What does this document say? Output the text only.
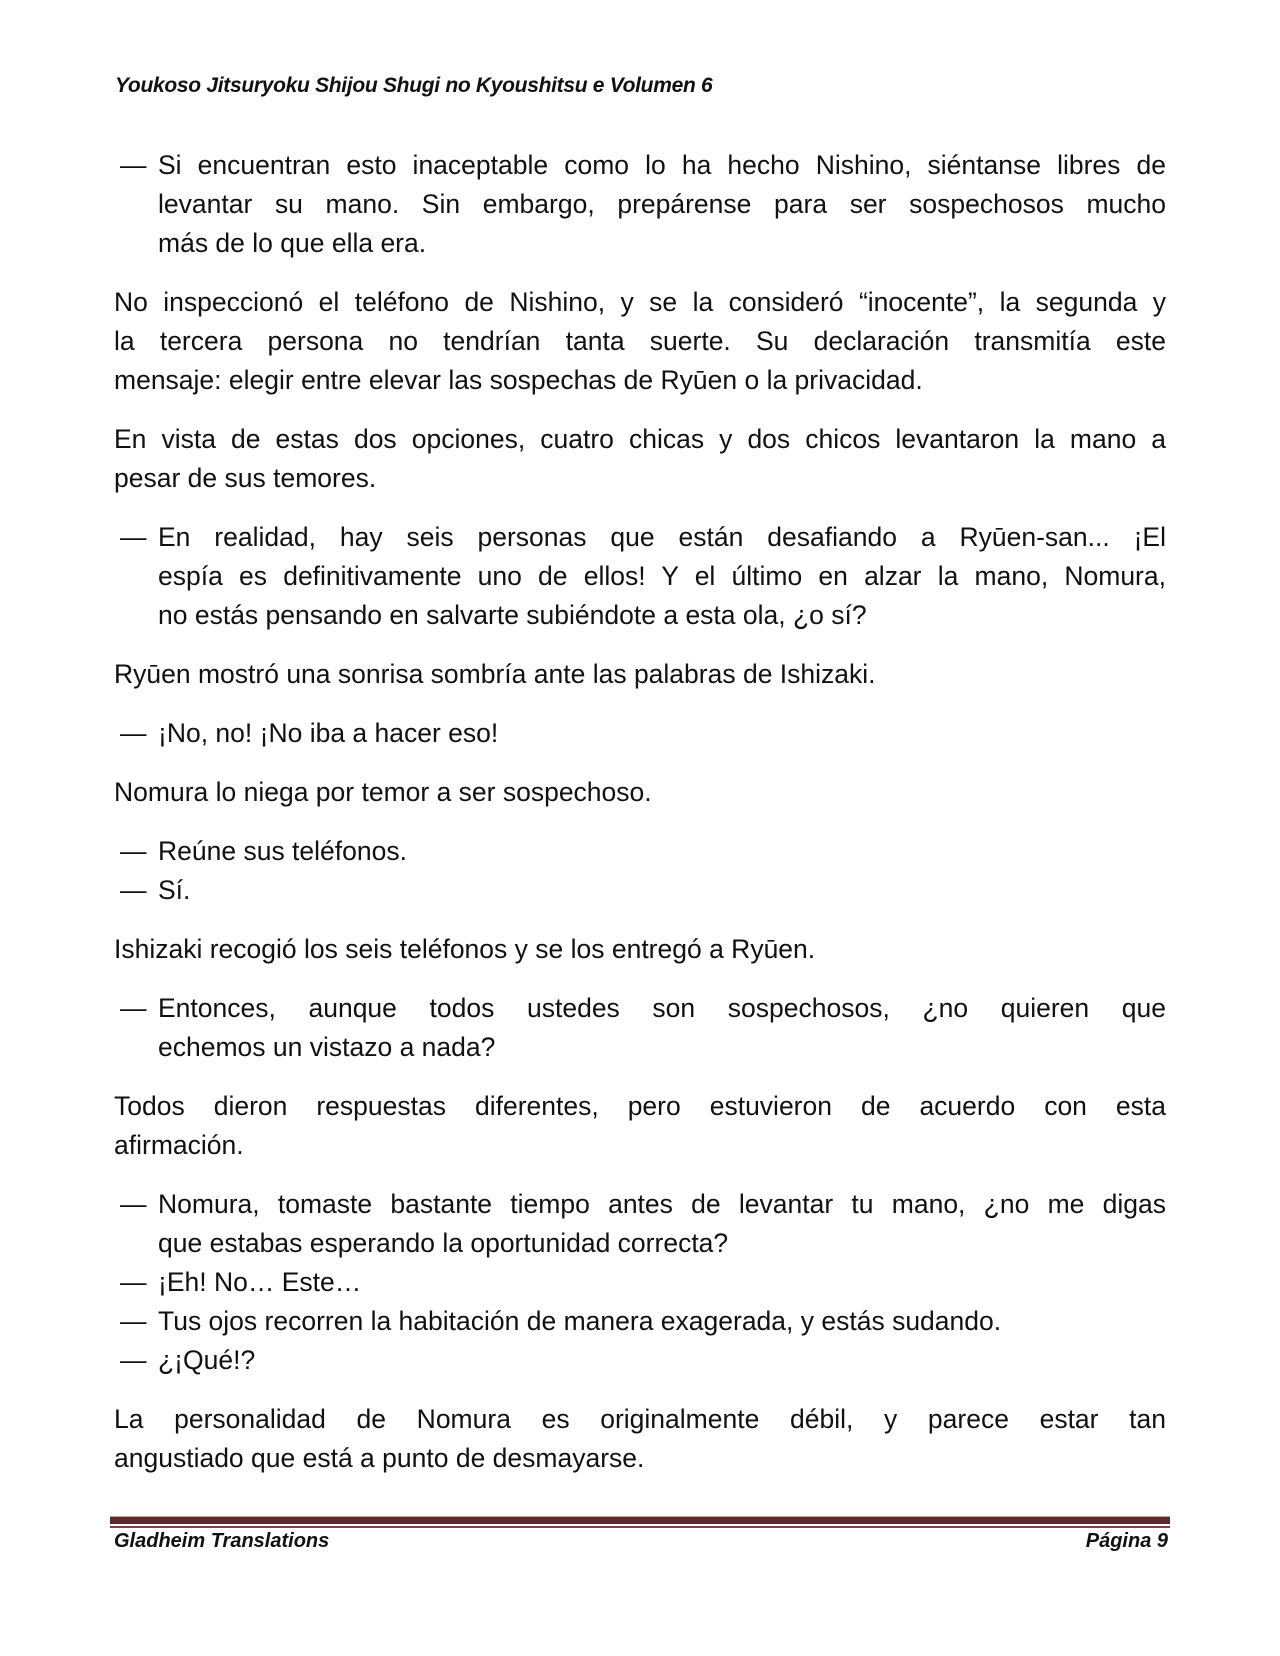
Youkoso Jitsuryoku Shijou Shugi no Kyoushitsu e Volumen 6
— Si encuentran esto inaceptable como lo ha hecho Nishino, siéntanse libres de
levantar su mano. Sin embargo, prepárense para ser sospechosos mucho
más de lo que ella era.
No inspeccionó el teléfono de Nishino, y se la consideró “inocente”, la segunda y
la tercera persona no tendrían tanta suerte. Su declaración transmitía este
mensaje: elegir entre elevar las sospechas de Ryūen o la privacidad.
En vista de estas dos opciones, cuatro chicas y dos chicos levantaron la mano a
pesar de sus temores.
— En realidad, hay seis personas que están desafiando a Ryūen-san... ¡El
espía es definitivamente uno de ellos! Y el último en alzar la mano, Nomura,
no estás pensando en salvarte subiéndote a esta ola, ¿o sí?
Ryūen mostró una sonrisa sombría ante las palabras de Ishizaki.
— ¡No, no! ¡No iba a hacer eso!
Nomura lo niega por temor a ser sospechoso.
— Reúne sus teléfonos.
— Sí.
Ishizaki recogió los seis teléfonos y se los entregó a Ryūen.
— Entonces, aunque todos ustedes son sospechosos, ¿no quieren que
echemos un vistazo a nada?
Todos dieron respuestas diferentes, pero estuvieron de acuerdo con esta
afirmación.
— Nomura, tomaste bastante tiempo antes de levantar tu mano, ¿no me digas
que estabas esperando la oportunidad correcta?
— ¡Eh! No… Este…
— Tus ojos recorren la habitación de manera exagerada, y estás sudando.
— ¿¡Qué!?
La personalidad de Nomura es originalmente débil, y parece estar tan
angustiado que está a punto de desmayarse.
Gladheim Translations	Página 9
